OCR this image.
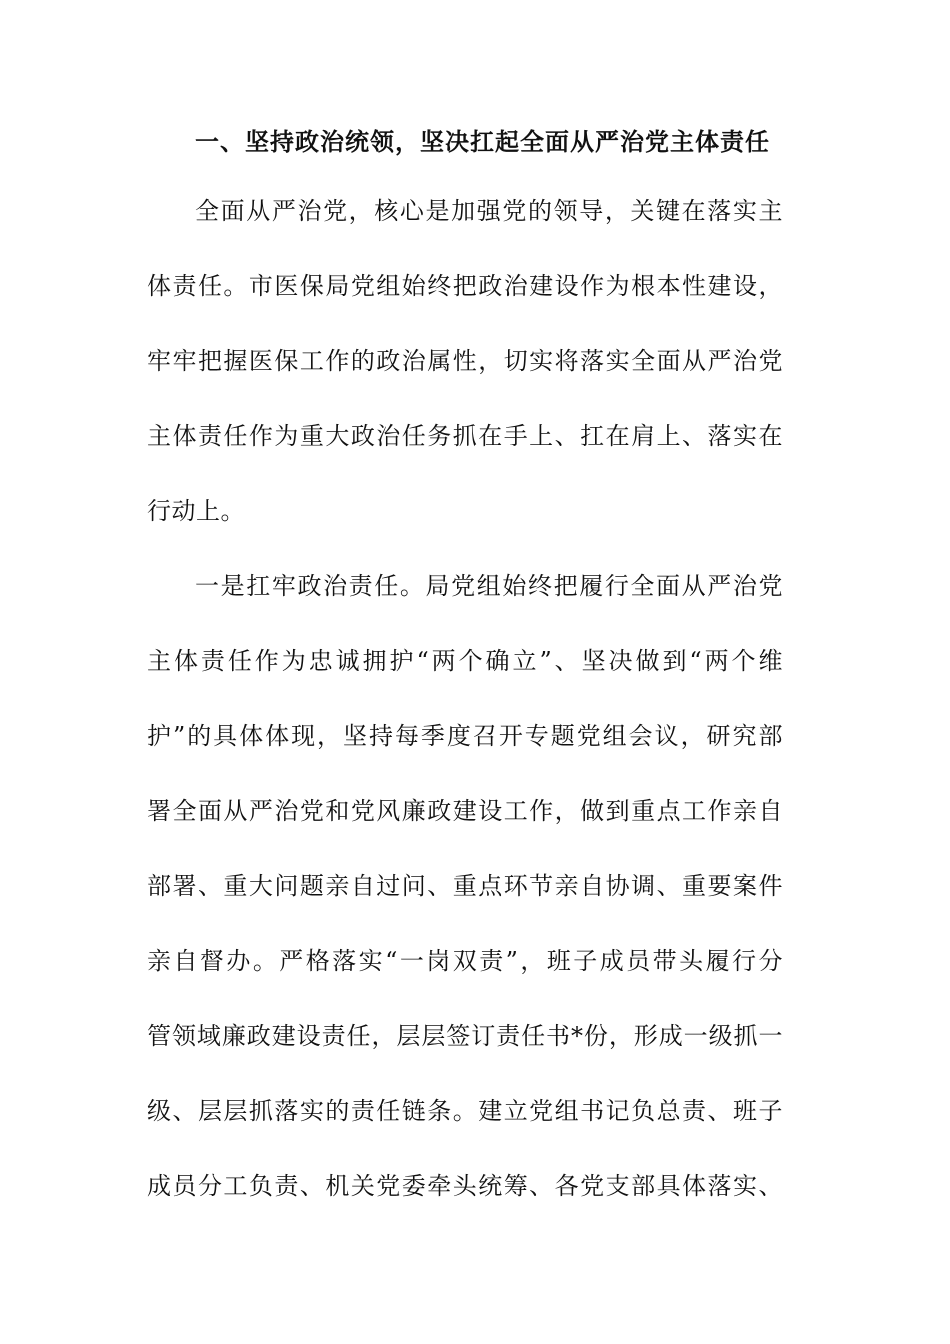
一、坚持政治统领，坚决扛起全面从严治党主体责任
全面从严治党，核心是加强党的领导，关键在落实主
体责任。市医保局党组始终把政治建设作为根本性建设，
牢牢把握医保工作的政治属性，切实将落实全面从严治党
主体责任作为重大政治任务抓在手上、扛在肩上、落实在
行动上。
一是扛牢政治责任。局党组始终把履行全面从严治党
主体责任作为忠诚拥护“两个确立”、坚决做到“两个维
护”的具体体现，坚持每季度召开专题党组会议，研究部
署全面从严治党和党风廉政建设工作，做到重点工作亲自
部署、重大问题亲自过问、重点环节亲自协调、重要案件
亲自督办。严格落实“一岗双责”，班子成员带头履行分
管领域廉政建设责任，层层签订责任书*份，形成一级抓一
级、层层抓落实的责任链条。建立党组书记负总责、班子
成员分工负责、机关党委牵头统筹、各党支部具体落实、
